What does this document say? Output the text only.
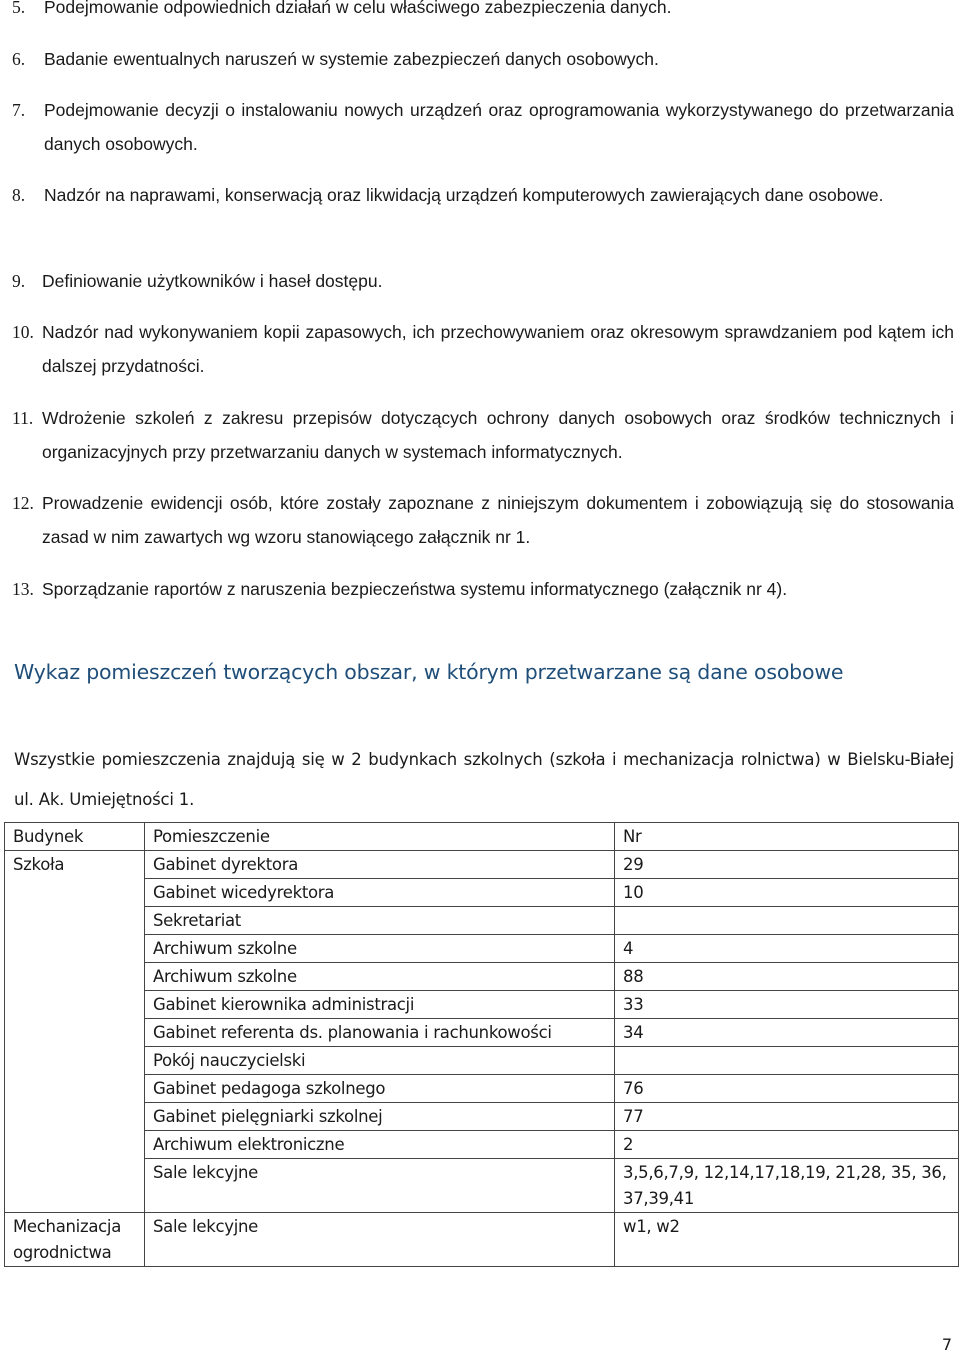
5. Podejmowanie odpowiednich działań w celu właściwego zabezpieczenia danych.
6. Badanie ewentualnych naruszeń w systemie zabezpieczeń danych osobowych.
7. Podejmowanie decyzji o instalowaniu nowych urządzeń oraz oprogramowania wykorzystywanego do przetwarzania danych osobowych.
8. Nadzór na naprawami, konserwacją oraz likwidacją urządzeń komputerowych zawierających dane osobowe.
9. Definiowanie użytkowników i haseł dostępu.
10. Nadzór nad wykonywaniem kopii zapasowych, ich przechowywaniem oraz okresowym sprawdzaniem pod kątem ich dalszej przydatności.
11. Wdrożenie szkoleń z zakresu przepisów dotyczących ochrony danych osobowych oraz środków technicznych i organizacyjnych przy przetwarzaniu danych w systemach informatycznych.
12. Prowadzenie ewidencji osób, które zostały zapoznane z niniejszym dokumentem i zobowiązują się do stosowania zasad w nim zawartych wg wzoru stanowiącego załącznik nr 1.
13. Sporządzanie raportów z naruszenia bezpieczeństwa systemu informatycznego (załącznik nr 4).
Wykaz pomieszczeń tworzących obszar, w którym przetwarzane są dane osobowe
Wszystkie pomieszczenia znajdują się w 2 budynkach szkolnych (szkoła i mechanizacja rolnictwa) w Bielsku-Białej ul. Ak. Umiejętności 1.
Budynek	Pomieszczenie	Nr
Szkoła	Gabinet dyrektora	29
	Gabinet wicedyrektora	10
	Sekretariat	
	Archiwum szkolne	4
	Archiwum szkolne	88
	Gabinet kierownika administracji	33
	Gabinet referenta ds. planowania i rachunkowości	34
	Pokój nauczycielski	
	Gabinet pedagoga szkolnego	76
	Gabinet pielęgniarki szkolnej	77
	Archiwum elektroniczne	2
	Sale lekcyjne	3,5,6,7,9, 12,14,17,18,19, 21,28, 35, 36, 37,39,41
Mechanizacja ogrodnictwa	Sale lekcyjne	w1, w2
7
